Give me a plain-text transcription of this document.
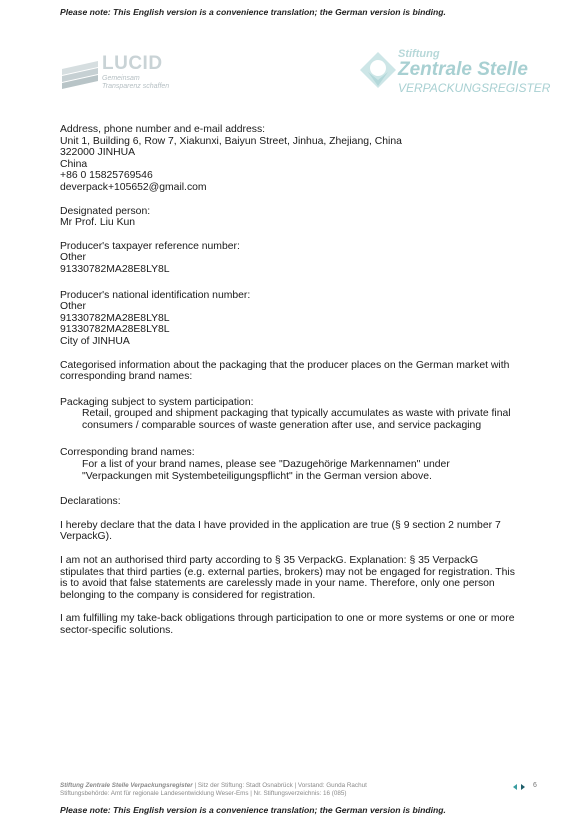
Please note: This English version is a convenience translation; the German version is binding.
LUCID
Gemeinsam
Transparenz schaffen
Stiftung
Zentrale Stelle
VERPACKUNGSREGISTER
Address, phone number and e-mail address:
Unit 1, Building 6, Row 7, Xiakunxi, Baiyun Street, Jinhua, Zhejiang, China
322000 JINHUA
China
+86 0 15825769546
deverpack+105652@gmail.com
Designated person:
Mr Prof. Liu Kun
Producer's taxpayer reference number:
Other
91330782MA28E8LY8L
Producer's national identification number:
Other
91330782MA28E8LY8L
91330782MA28E8LY8L
City of JINHUA
Categorised information about the packaging that the producer places on the German market with
corresponding brand names:
Packaging subject to system participation:
Retail, grouped and shipment packaging that typically accumulates as waste with private final
consumers / comparable sources of waste generation after use, and service packaging
Corresponding brand names:
For a list of your brand names, please see "Dazugehörige Markennamen" under
"Verpackungen mit Systembeteiligungspflicht" in the German version above.
Declarations:
I hereby declare that the data I have provided in the application are true (§ 9 section 2 number 7
VerpackG).
I am not an authorised third party according to § 35 VerpackG. Explanation: § 35 VerpackG
stipulates that third parties (e.g. external parties, brokers) may not be engaged for registration. This
is to avoid that false statements are carelessly made in your name. Therefore, only one person
belonging to the company is considered for registration.
I am fulfilling my take-back obligations through participation to one or more systems or one or more
sector-specific solutions.
Stiftung Zentrale Stelle Verpackungsregister | Sitz der Stiftung: Stadt Osnabrück | Vorstand: Gunda Rachut
Stiftungsbehörde: Amt für regionale Landesentwicklung Weser-Ems | Nr. Stiftungsverzeichnis: 16 (085)
6
Please note: This English version is a convenience translation; the German version is binding.
